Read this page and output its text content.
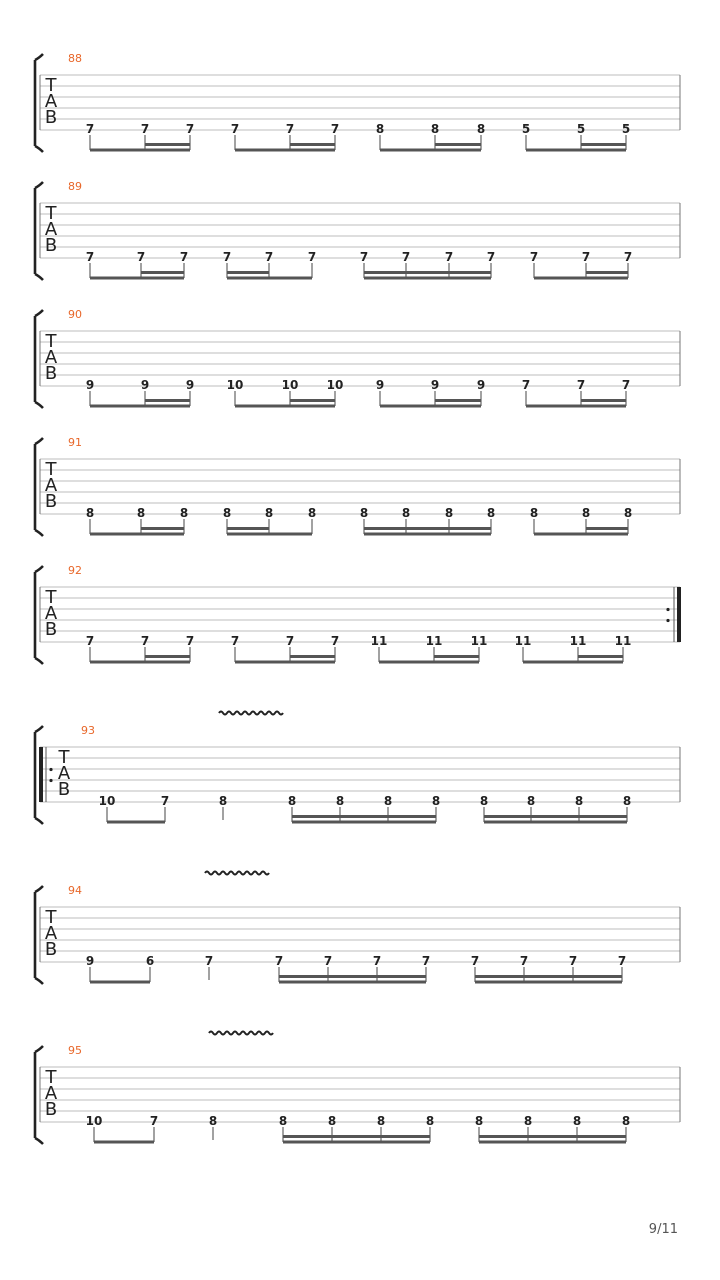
T
A
B
88
7	7	7	7	7	7	8	8	8	5	5	5
T
A
B
89
7	7	7	7	7	7	7	7	7	7	7	7	7
T
A
B
90
9	9	9	10	10 10	9	9	9	7	7	7
T
A
B
91
8	8	8	8	8	8	8	8	8	8	8	8	8
T
A
B
92
7	7	7	7	7	7	11	11 11 11	11 11
T
A
B
93
10	7	8	8	8	8	8	8	8	8	8
T
A
B
94
9	6	7	7	7	7	7	7	7	7	7
T
A
B
95
10	7	8	8	8	8	8	8	8	8	8
9/11
